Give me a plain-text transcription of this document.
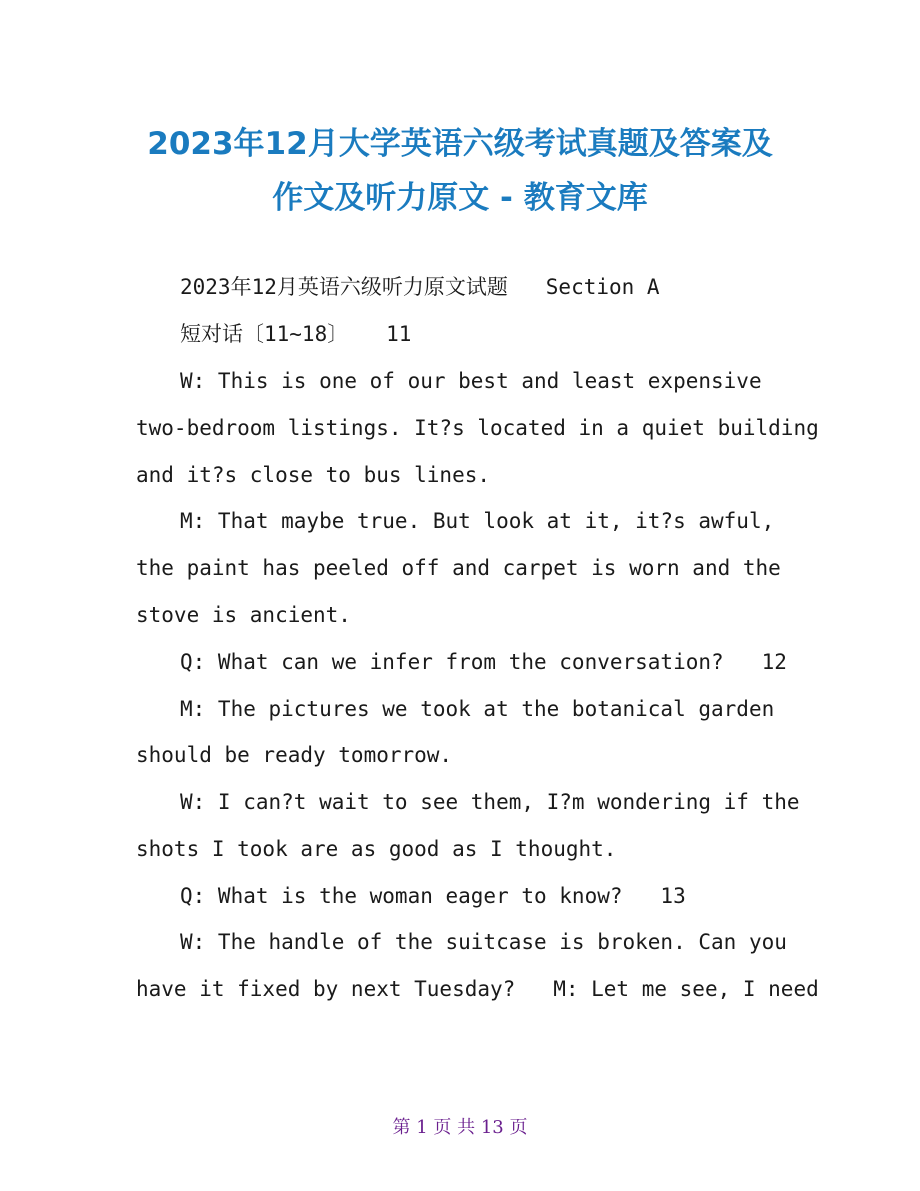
2023年12月大学英语六级考试真题及答案及
作文及听力原文 - 教育文库
2023年12月英语六级听力原文试题   Section A
短对话〔11~18〕   11
W: This is one of our best and least expensive
two-bedroom listings. It?s located in a quiet building
and it?s close to bus lines.
M: That maybe true. But look at it, it?s awful,
the paint has peeled off and carpet is worn and the
stove is ancient.
Q: What can we infer from the conversation?   12
M: The pictures we took at the botanical garden
should be ready tomorrow.
W: I can?t wait to see them, I?m wondering if the
shots I took are as good as I thought.
Q: What is the woman eager to know?   13
W: The handle of the suitcase is broken. Can you
have it fixed by next Tuesday?   M: Let me see, I need
第 1 页 共 13 页
